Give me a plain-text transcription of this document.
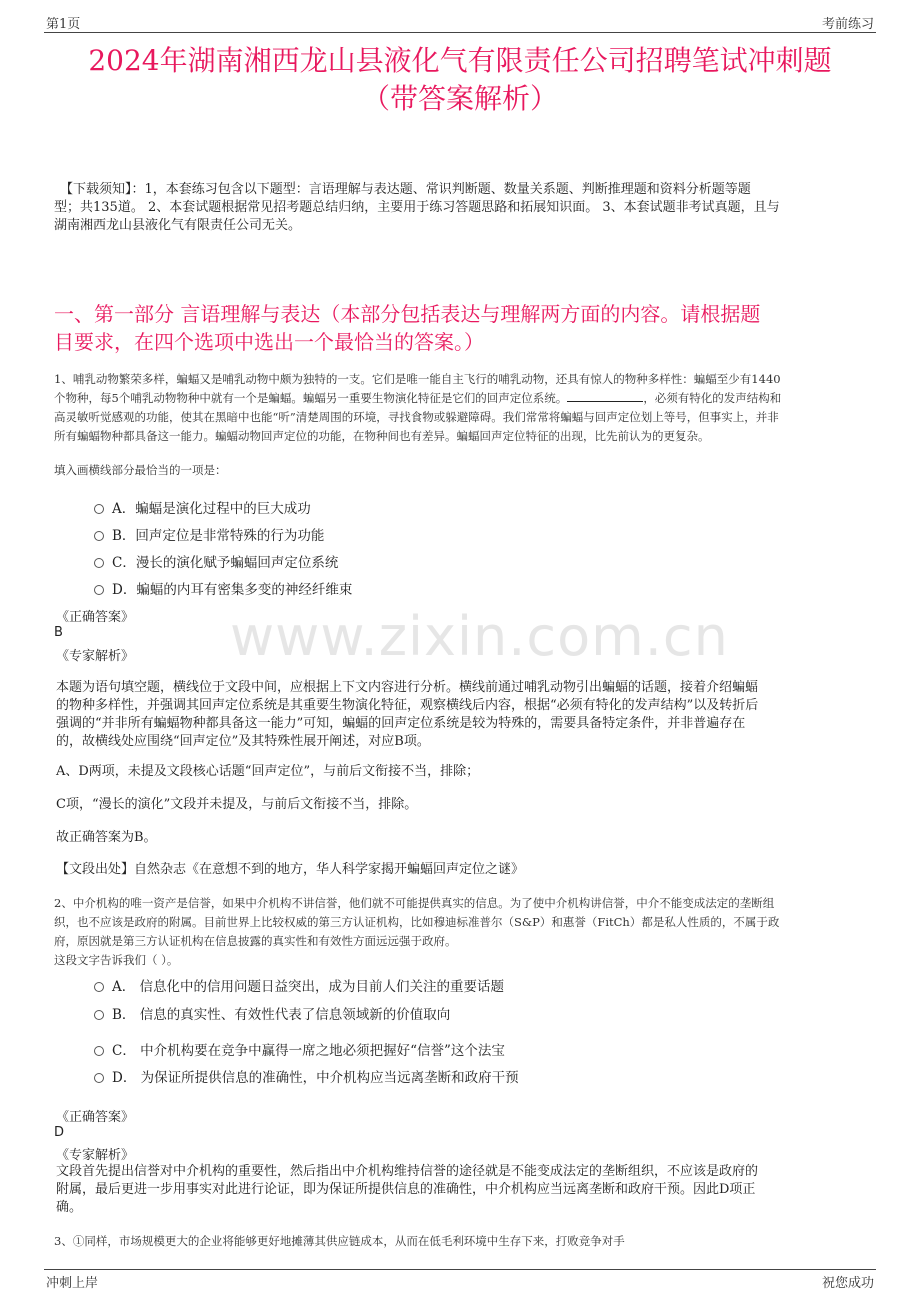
第1页	考前练习
2024年湖南湘西龙山县液化气有限责任公司招聘笔试冲刺题
（带答案解析）
【下载须知】：1，本套练习包含以下题型：言语理解与表达题、常识判断题、数量关系题、判断推理题和资料分析题等题
型；共135道。 2、本套试题根据常见招考题总结归纳，主要用于练习答题思路和拓展知识面。 3、本套试题非考试真题，且与
湖南湘西龙山县液化气有限责任公司无关。
一、第一部分 言语理解与表达（本部分包括表达与理解两方面的内容。请根据题
目要求，在四个选项中选出一个最恰当的答案。）
1、哺乳动物繁荣多样，蝙蝠又是哺乳动物中颇为独特的一支。它们是唯一能自主飞行的哺乳动物，还具有惊人的物种多样性：蝙蝠至少有1440
个物种，每5个哺乳动物物种中就有一个是蝙蝠。蝙蝠另一重要生物演化特征是它们的回声定位系统。	，必须有特化的发声结构和
高灵敏听觉感观的功能，使其在黑暗中也能“听”清楚周围的环境，寻找食物或躲避障碍。我们常常将蝙蝠与回声定位划上等号，但事实上，并非
所有蝙蝠物种都具备这一能力。蝙蝠动物回声定位的功能，在物种间也有差异。蝙蝠回声定位特征的出现，比先前认为的更复杂。
填入画横线部分最恰当的一项是：
A．蝙蝠是演化过程中的巨大成功
B．回声定位是非常特殊的行为功能
C．漫长的演化赋予蝙蝠回声定位系统
D．蝙蝠的内耳有密集多变的神经纤维束
《正确答案》
B
《专家解析》
本题为语句填空题，横线位于文段中间，应根据上下文内容进行分析。横线前通过哺乳动物引出蝙蝠的话题，接着介绍蝙蝠
的物种多样性，并强调其回声定位系统是其重要生物演化特征，观察横线后内容，根据“必须有特化的发声结构”以及转折后
强调的“并非所有蝙蝠物种都具备这一能力”可知，蝙蝠的回声定位系统是较为特殊的，需要具备特定条件，并非普遍存在
的，故横线处应围绕“回声定位”及其特殊性展开阐述，对应B项。
A、D两项，未提及文段核心话题“回声定位”，与前后文衔接不当，排除；
C项，“漫长的演化”文段并未提及，与前后文衔接不当，排除。
故正确答案为B。
【文段出处】自然杂志《在意想不到的地方，华人科学家揭开蝙蝠回声定位之谜》
www.zixin.com.cn
2、中介机构的唯一资产是信誉，如果中介机构不讲信誉，他们就不可能提供真实的信息。为了使中介机构讲信誉，中介不能变成法定的垄断组
织，也不应该是政府的附属。目前世界上比较权威的第三方认证机构，比如穆迪标准普尔（S&P）和惠誉（FitCh）都是私人性质的，不属于政
府，原因就是第三方认证机构在信息披露的真实性和有效性方面远远强于政府。
这段文字告诉我们（ ）。
A． 信息化中的信用问题日益突出，成为目前人们关注的重要话题
B． 信息的真实性、有效性代表了信息领域新的价值取向
C． 中介机构要在竞争中赢得一席之地必须把握好“信誉”这个法宝
D． 为保证所提供信息的准确性，中介机构应当远离垄断和政府干预
《正确答案》
D
《专家解析》
文段首先提出信誉对中介机构的重要性，然后指出中介机构维持信誉的途径就是不能变成法定的垄断组织，不应该是政府的
附属，最后更进一步用事实对此进行论证，即为保证所提供信息的准确性，中介机构应当远离垄断和政府干预。因此D项正
确。
3、①同样，市场规模更大的企业将能够更好地摊薄其供应链成本，从而在低毛利环境中生存下来，打败竞争对手
冲刺上岸	祝您成功
